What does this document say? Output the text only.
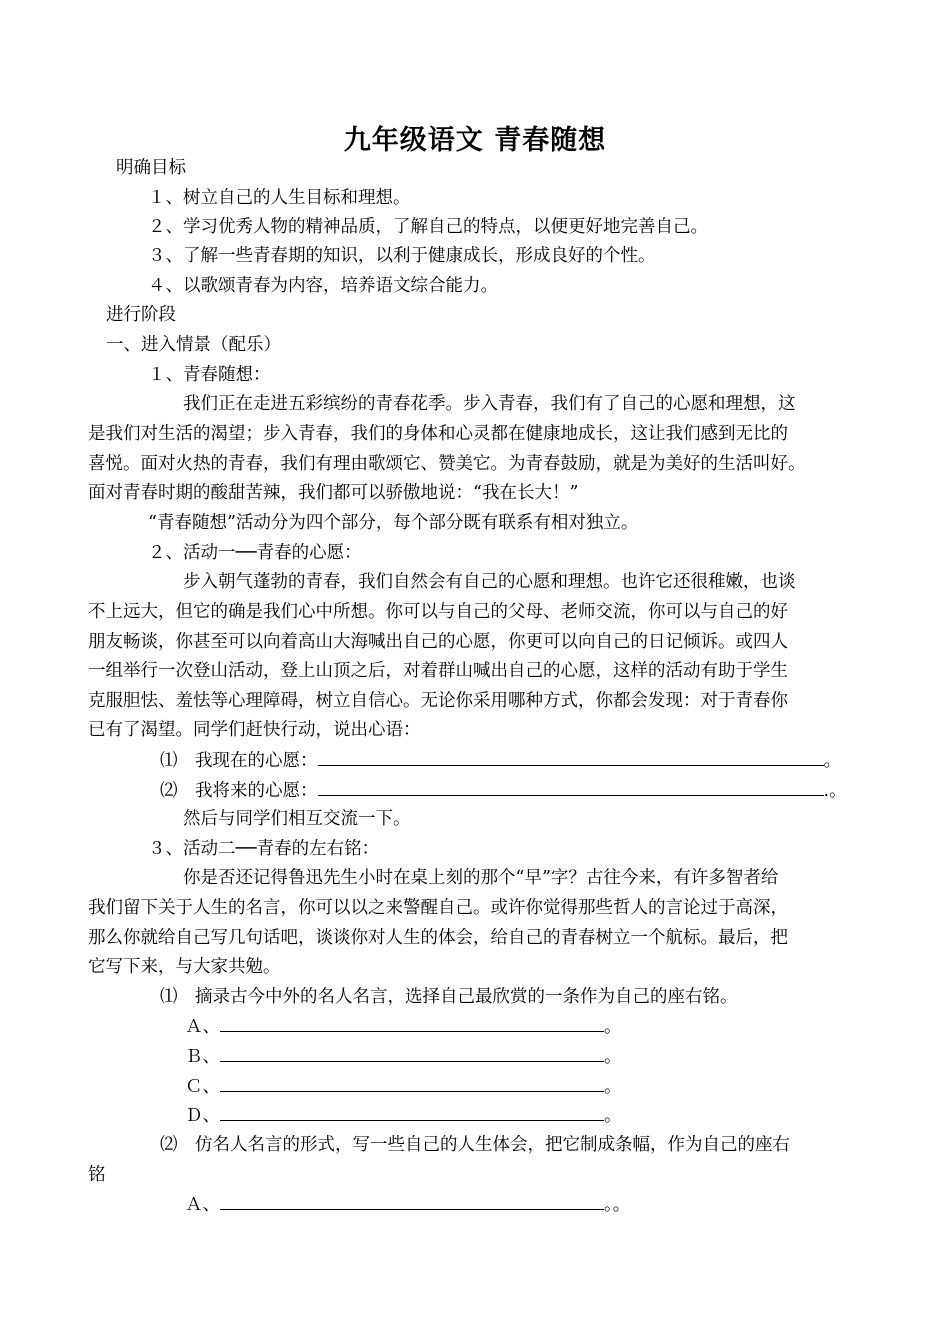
九年级语文 青春随想
明确目标
１、树立自己的人生目标和理想。
２、学习优秀人物的精神品质，了解自己的特点，以便更好地完善自己。
３、了解一些青春期的知识，以利于健康成长，形成良好的个性。
４、以歌颂青春为内容，培养语文综合能力。
进行阶段
一、进入情景（配乐）
１、青春随想：
我们正在走进五彩缤纷的青春花季。步入青春，我们有了自己的心愿和理想，这
是我们对生活的渴望；步入青春，我们的身体和心灵都在健康地成长，这让我们感到无比的
喜悦。面对火热的青春，我们有理由歌颂它、赞美它。为青春鼓励，就是为美好的生活叫好。
面对青春时期的酸甜苦辣，我们都可以骄傲地说：“我在长大！”
“青春随想”活动分为四个部分，每个部分既有联系有相对独立。
２、活动一──青春的心愿：
步入朝气蓬勃的青春，我们自然会有自己的心愿和理想。也许它还很稚嫩，也谈
不上远大，但它的确是我们心中所想。你可以与自己的父母、老师交流，你可以与自己的好
朋友畅谈，你甚至可以向着高山大海喊出自己的心愿，你更可以向自己的日记倾诉。或四人
一组举行一次登山活动，登上山顶之后，对着群山喊出自己的心愿，这样的活动有助于学生
克服胆怯、羞怯等心理障碍，树立自信心。无论你采用哪种方式，你都会发现：对于青春你
已有了渴望。同学们赶快行动，说出心语：
⑴　我现在的心愿：	。
⑵　我将来的心愿：	.。
然后与同学们相互交流一下。
３、活动二──青春的左右铭：
你是否还记得鲁迅先生小时在桌上刻的那个“早”字？古往今来，有许多智者给
我们留下关于人生的名言，你可以以之来警醒自己。或许你觉得那些哲人的言论过于高深，
那么你就给自己写几句话吧，谈谈你对人生的体会，给自己的青春树立一个航标。最后，把
它写下来，与大家共勉。
⑴　摘录古今中外的名人名言，选择自己最欣赏的一条作为自己的座右铭。
Ａ、	。
Ｂ、	。
Ｃ、	。
Ｄ、	。
⑵　仿名人名言的形式，写一些自己的人生体会，把它制成条幅，作为自己的座右
铭
Ａ、	。。
